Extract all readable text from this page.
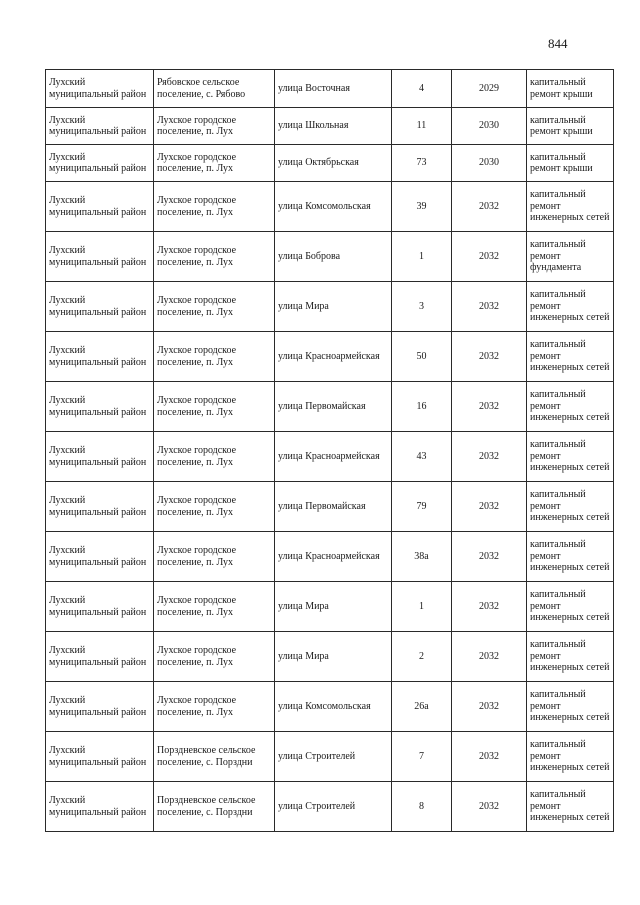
844
Лухский муниципальный район	Рябовское сельское поселение, с. Рябово	улица Восточная	4	2029	капитальный ремонт крыши
Лухский муниципальный район	Лухское городское поселение, п. Лух	улица Школьная	11	2030	капитальный ремонт крыши
Лухский муниципальный район	Лухское городское поселение, п. Лух	улица Октябрьская	73	2030	капитальный ремонт крыши
Лухский муниципальный район	Лухское городское поселение, п. Лух	улица Комсомольская	39	2032	капитальный ремонт инженерных сетей
Лухский муниципальный район	Лухское городское поселение, п. Лух	улица Боброва	1	2032	капитальный ремонт фундамента
Лухский муниципальный район	Лухское городское поселение, п. Лух	улица Мира	3	2032	капитальный ремонт инженерных сетей
Лухский муниципальный район	Лухское городское поселение, п. Лух	улица Красноармейская	50	2032	капитальный ремонт инженерных сетей
Лухский муниципальный район	Лухское городское поселение, п. Лух	улица Первомайская	16	2032	капитальный ремонт инженерных сетей
Лухский муниципальный район	Лухское городское поселение, п. Лух	улица Красноармейская	43	2032	капитальный ремонт инженерных сетей
Лухский муниципальный район	Лухское городское поселение, п. Лух	улица Первомайская	79	2032	капитальный ремонт инженерных сетей
Лухский муниципальный район	Лухское городское поселение, п. Лух	улица Красноармейская	38а	2032	капитальный ремонт инженерных сетей
Лухский муниципальный район	Лухское городское поселение, п. Лух	улица Мира	1	2032	капитальный ремонт инженерных сетей
Лухский муниципальный район	Лухское городское поселение, п. Лух	улица Мира	2	2032	капитальный ремонт инженерных сетей
Лухский муниципальный район	Лухское городское поселение, п. Лух	улица Комсомольская	26а	2032	капитальный ремонт инженерных сетей
Лухский муниципальный район	Порздневское сельское поселение, с. Порздни	улица Строителей	7	2032	капитальный ремонт инженерных сетей
Лухский муниципальный район	Порздневское сельское поселение, с. Порздни	улица Строителей	8	2032	капитальный ремонт инженерных сетей
